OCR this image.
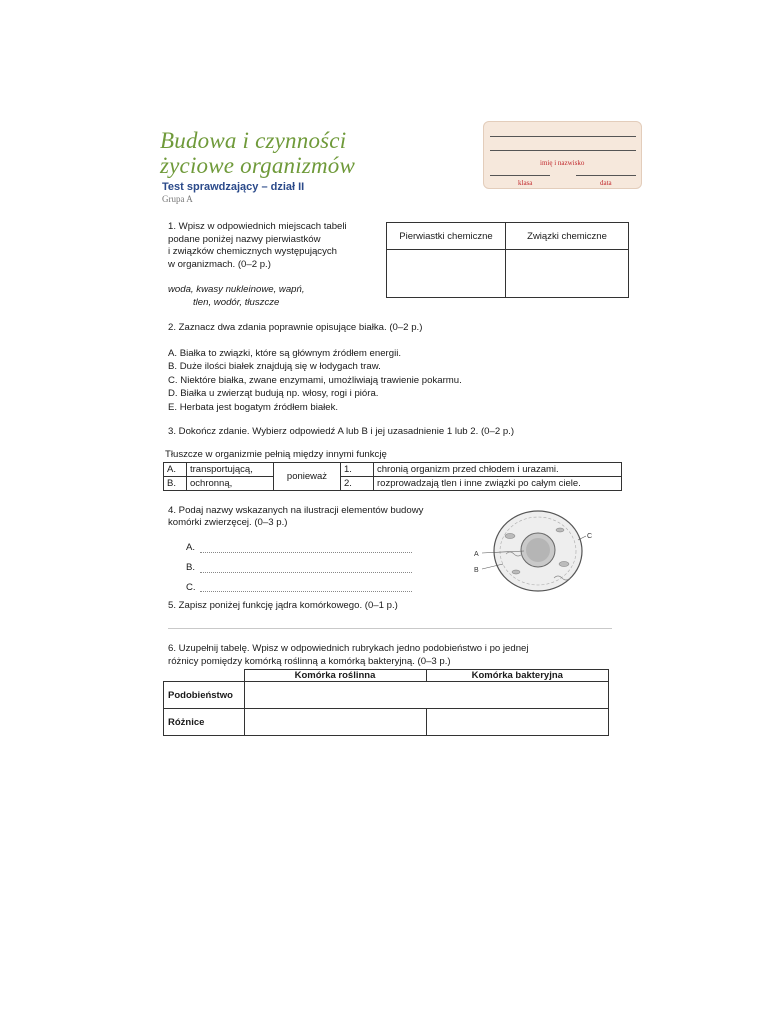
Budowa i czynności
życiowe organizmów
Test sprawdzający – dział II
Grupa A
imię i nazwisko
klasa	data
1. Wpisz w odpowiednich miejscach tabeli
podane poniżej nazwy pierwiastków
i związków chemicznych występujących
w organizmach. (0–2 p.)
woda, kwasy nukleinowe, wapń,
tlen, wodór, tłuszcze
Pierwiastki chemiczne	Związki chemiczne

2. Zaznacz dwa zdania poprawnie opisujące białka. (0–2 p.)
A. Białka to związki, które są głównym źródłem energii.
B. Duże ilości białek znajdują się w łodygach traw.
C. Niektóre białka, zwane enzymami, umożliwiają trawienie pokarmu.
D. Białka u zwierząt budują np. włosy, rogi i pióra.
E. Herbata jest bogatym źródłem białek.
3. Dokończ zdanie. Wybierz odpowiedź A lub B i jej uzasadnienie 1 lub 2. (0–2 p.)
Tłuszcze w organizmie pełnią między innymi funkcję
A.	transportującą,	ponieważ	1.	chronią organizm przed chłodem i urazami.
B.	ochronną,		2.	rozprowadzają tlen i inne związki po całym ciele.
4. Podaj nazwy wskazanych na ilustracji elementów budowy
komórki zwierzęcej. (0–3 p.)
A.
B.
C.
A
B
C
5. Zapisz poniżej funkcję jądra komórkowego. (0–1 p.)
6. Uzupełnij tabelę. Wpisz w odpowiednich rubrykach jedno podobieństwo i po jednej
różnicy pomiędzy komórką roślinną a komórką bakteryjną. (0–3 p.)
	Komórka roślinna	Komórka bakteryjna
Podobieństwo		
Różnice		
